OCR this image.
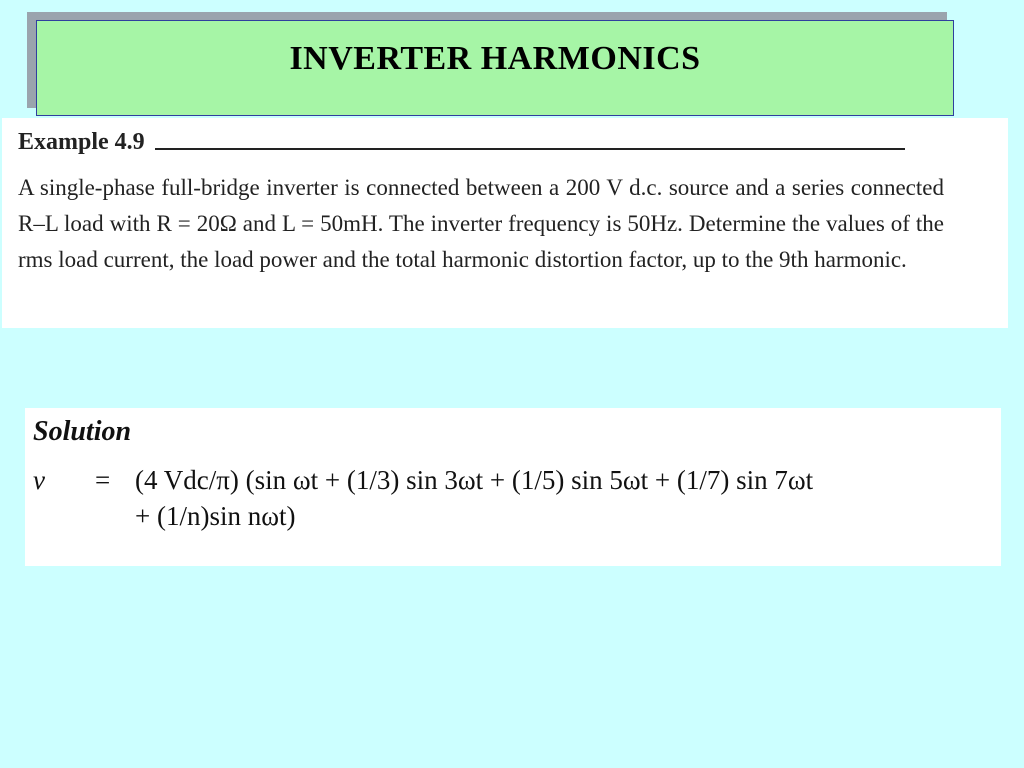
INVERTER HARMONICS
Example 4.9
A single-phase full-bridge inverter is connected between a 200 V d.c. source and a series connected R–L load with R = 20Ω and L = 50mH. The inverter frequency is 50Hz. Determine the values of the rms load current, the load power and the total harmonic distortion factor, up to the 9th harmonic.
Solution
v	= (4 Vdc/π) (sin ωt + (1/3) sin 3ωt + (1/5) sin 5ωt + (1/7) sin 7ωt
+ (1/n)sin nωt)
